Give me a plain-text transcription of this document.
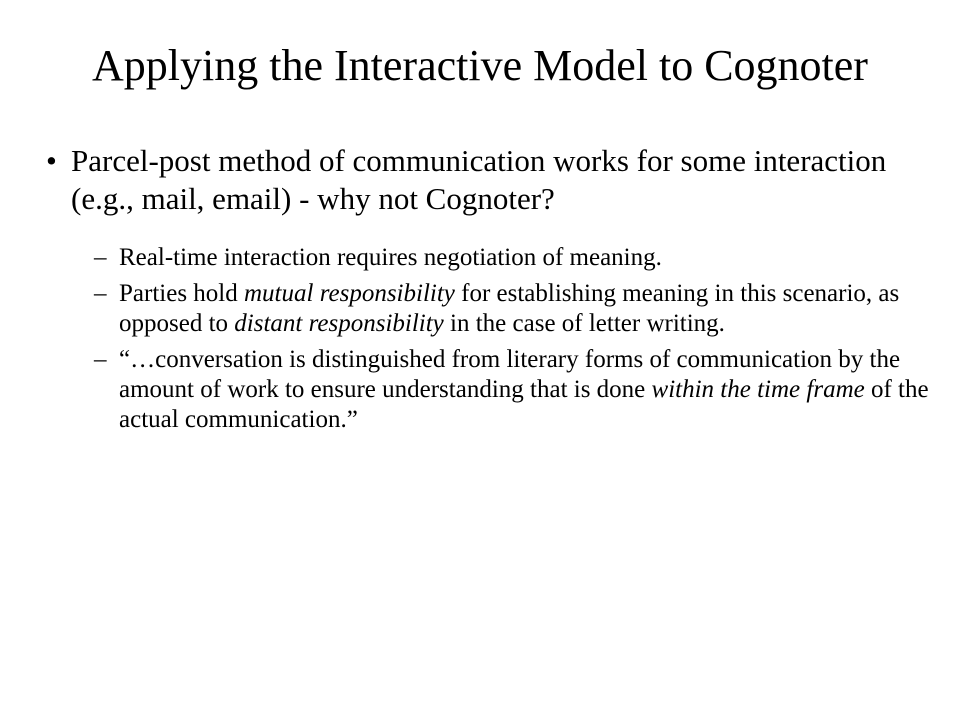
Applying the Interactive Model to Cognoter
• Parcel-post method of communication works for some interaction (e.g., mail, email) - why not Cognoter?
– Real-time interaction requires negotiation of meaning.
– Parties hold mutual responsibility for establishing meaning in this scenario, as opposed to distant responsibility in the case of letter writing.
– “…conversation is distinguished from literary forms of communication by the amount of work to ensure understanding that is done within the time frame of the actual communication.”
